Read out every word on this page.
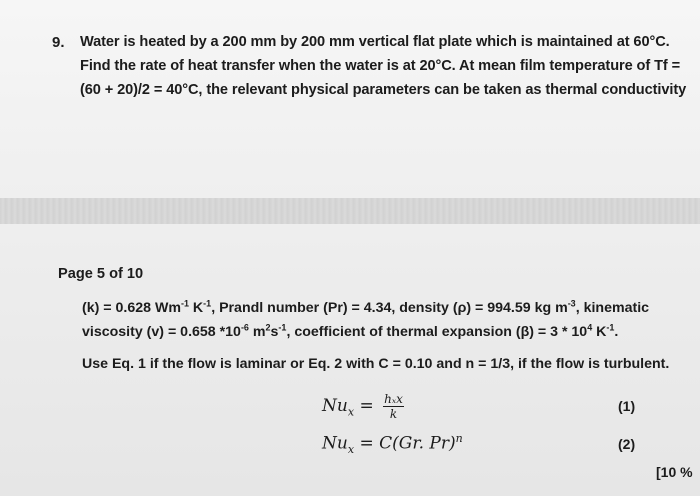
9. Water is heated by a 200 mm by 200 mm vertical flat plate which is maintained at 60°C.
Find the rate of heat transfer when the water is at 20°C. At mean film temperature of Tf =
(60 + 20)/2 = 40°C, the relevant physical parameters can be taken as thermal conductivity
Page 5 of 10
(k) = 0.628 $Wm^{-1}$ $K^{-1}$, Prandl number (Pr) = 4.34, density (ρ) = 994.59 kg $m^{-3}$, kinematic
viscosity (v) = 0.658 $*10^{-6}$ $m^2s^{-1}$, coefficient of thermal expansion $(\beta) = 3 * 10^4$ $K^{-1}$.
Use Eq. 1 if the flow is laminar or Eq. 2 with C = 0.10 and n = 1/3, if the flow is turbulent.
$Nu_x = \frac{\text{hₓx}}{k}$	(1)
$Nu_x = C(Gr$. Pr)$^n$	(2)
[10 %
